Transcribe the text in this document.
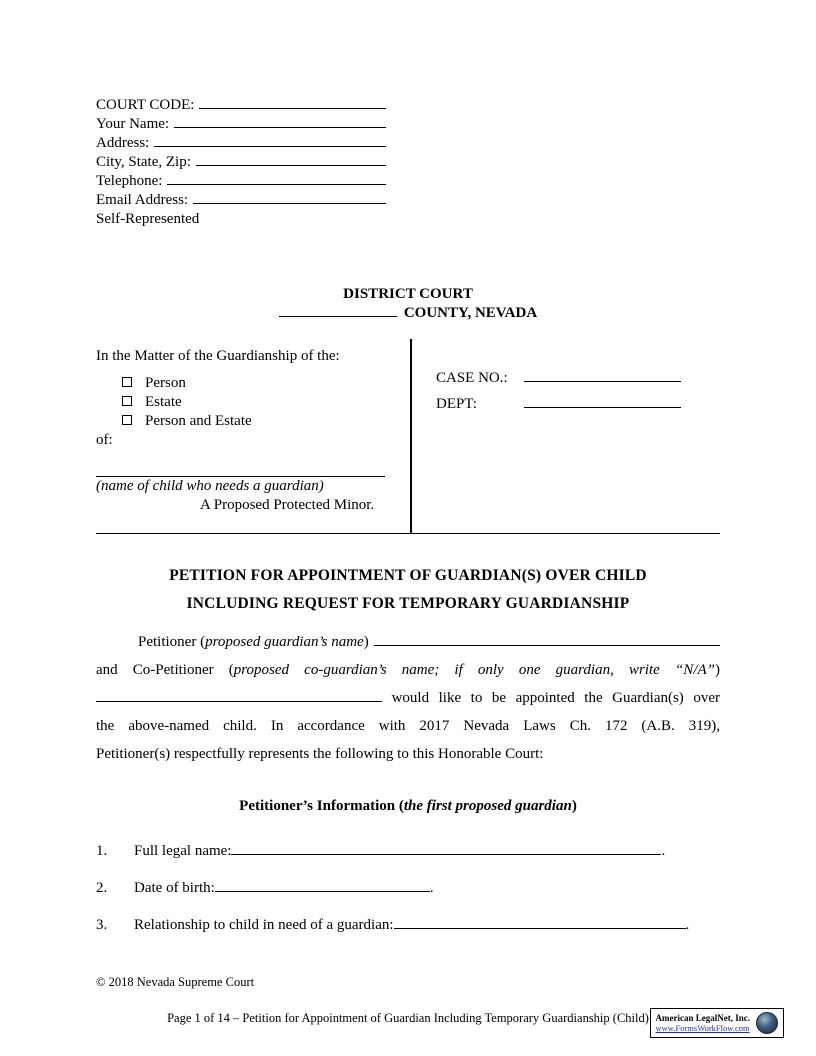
COURT CODE:
Your Name:
Address:
City, State, Zip:
Telephone:
Email Address:
Self-Represented
DISTRICT COURT
COUNTY, NEVADA
In the Matter of the Guardianship of the:
Person
Estate
Person and Estate
of:
(name of child who needs a guardian)
A Proposed Protected Minor.
CASE NO.:
DEPT:
PETITION FOR APPOINTMENT OF GUARDIAN(S) OVER CHILD
INCLUDING REQUEST FOR TEMPORARY GUARDIANSHIP
Petitioner (proposed guardian’s name)
and Co-Petitioner (proposed co-guardian’s name; if only one guardian, write “N/A”)
would like to be appointed the Guardian(s) over
the above-named child. In accordance with 2017 Nevada Laws Ch. 172 (A.B. 319),
Petitioner(s) respectfully represents the following to this Honorable Court:
Petitioner’s Information (the first proposed guardian)
1. Full legal name:	.
2. Date of birth:	.
3. Relationship to child in need of a guardian:	.
© 2018 Nevada Supreme Court
Page 1 of 14 – Petition for Appointment of Guardian Including Temporary Guardianship (Child) American LegalNet, Inc.
www.FormsWorkFlow.com
